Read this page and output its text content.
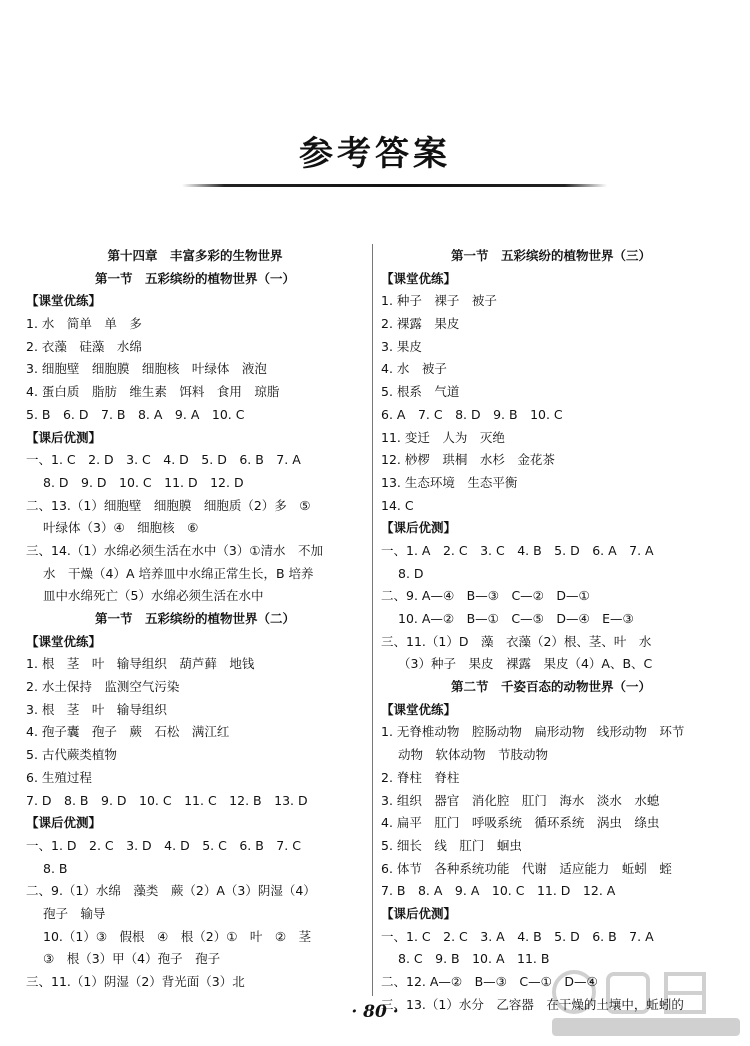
参考答案
第十四章　丰富多彩的生物世界
第一节　五彩缤纷的植物世界（一）
【课堂优练】
1. 水　简单　单　多
2. 衣藻　硅藻　水绵
3. 细胞壁　细胞膜　细胞核　叶绿体　液泡
4. 蛋白质　脂肪　维生素　饵料　食用　琼脂
5. B　6. D　7. B　8. A　9. A　10. C
【课后优测】
一、1. C　2. D　3. C　4. D　5. D　6. B　7. A
8. D　9. D　10. C　11. D　12. D
二、13.（1）细胞壁　细胞膜　细胞质（2）多　⑤
叶绿体（3）④　细胞核　⑥
三、14.（1）水绵必须生活在水中（3）①清水　不加
水　干燥（4）A 培养皿中水绵正常生长，B 培养
皿中水绵死亡（5）水绵必须生活在水中
第一节　五彩缤纷的植物世界（二）
【课堂优练】
1. 根　茎　叶　输导组织　葫芦藓　地钱
2. 水土保持　监测空气污染
3. 根　茎　叶　输导组织
4. 孢子囊　孢子　蕨　石松　满江红
5. 古代蕨类植物
6. 生殖过程
7. D　8. B　9. D　10. C　11. C　12. B　13. D
【课后优测】
一、1. D　2. C　3. D　4. D　5. C　6. B　7. C
8. B
二、9.（1）水绵　藻类　蕨（2）A（3）阴湿（4）
孢子　输导
10.（1）③　假根　④　根（2）①　叶　②　茎
③　根（3）甲（4）孢子　孢子
三、11.（1）阴湿（2）背光面（3）北
第一节　五彩缤纷的植物世界（三）
【课堂优练】
1. 种子　裸子　被子
2. 裸露　果皮
3. 果皮
4. 水　被子
5. 根系　气道
6. A　7. C　8. D　9. B　10. C
11. 变迁　人为　灭绝
12. 桫椤　珙桐　水杉　金花茶
13. 生态环境　生态平衡
14. C
【课后优测】
一、1. A　2. C　3. C　4. B　5. D　6. A　7. A
8. D
二、9. A—④　B—③　C—②　D—①
10. A—②　B—①　C—⑤　D—④　E—③
三、11.（1）D　藻　衣藻（2）根、茎、叶　水
（3）种子　果皮　裸露　果皮（4）A、B、C
第二节　千姿百态的动物世界（一）
【课堂优练】
1. 无脊椎动物　腔肠动物　扁形动物　线形动物　环节
动物　软体动物　节肢动物
2. 脊柱　脊柱
3. 组织　器官　消化腔　肛门　海水　淡水　水螅
4. 扁平　肛门　呼吸系统　循环系统　涡虫　绦虫
5. 细长　线　肛门　蛔虫
6. 体节　各种系统功能　代谢　适应能力　蚯蚓　蛭
7. B　8. A　9. A　10. C　11. D　12. A
【课后优测】
一、1. C　2. C　3. A　4. B　5. D　6. B　7. A
8. C　9. B　10. A　11. B
二、12. A—②　B—③　C—①　D—④
三、13.（1）水分　乙容器　在干燥的土壤中，蚯蚓的
· 80 ·
